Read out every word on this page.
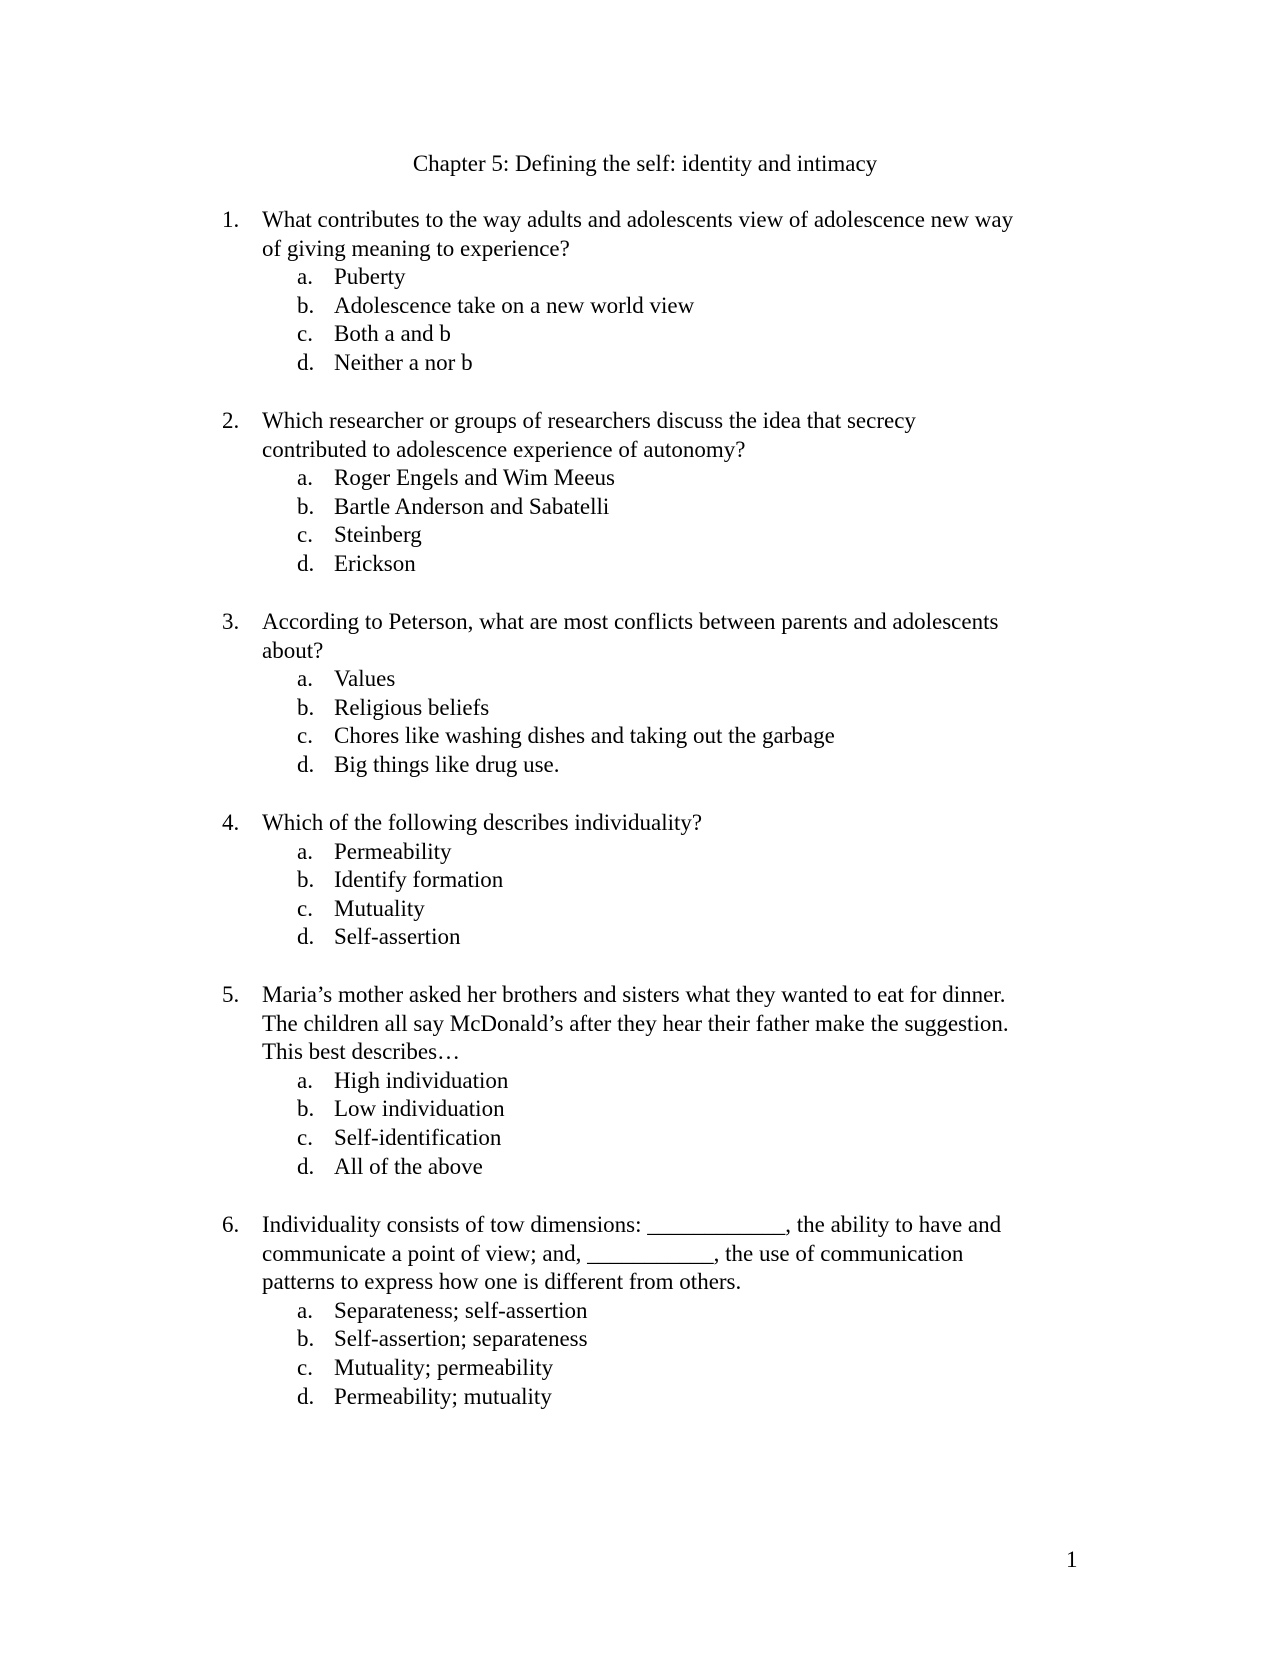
Chapter 5: Defining the self: identity and intimacy
1. What contributes to the way adults and adolescents view of adolescence new way
of giving meaning to experience?
a. Puberty
b. Adolescence take on a new world view
c. Both a and b
d. Neither a nor b
2. Which researcher or groups of researchers discuss the idea that secrecy
contributed to adolescence experience of autonomy?
a. Roger Engels and Wim Meeus
b. Bartle Anderson and Sabatelli
c. Steinberg
d. Erickson
3. According to Peterson, what are most conflicts between parents and adolescents
about?
a. Values
b. Religious beliefs
c. Chores like washing dishes and taking out the garbage
d. Big things like drug use.
4. Which of the following describes individuality?
a. Permeability
b. Identify formation
c. Mutuality
d. Self-assertion
5. Maria’s mother asked her brothers and sisters what they wanted to eat for dinner.
The children all say McDonald’s after they hear their father make the suggestion.
This best describes…
a. High individuation
b. Low individuation
c. Self-identification
d. All of the above
6. Individuality consists of tow dimensions: ____________, the ability to have and
communicate a point of view; and, ___________, the use of communication
patterns to express how one is different from others.
a. Separateness; self-assertion
b. Self-assertion; separateness
c. Mutuality; permeability
d. Permeability; mutuality
1
